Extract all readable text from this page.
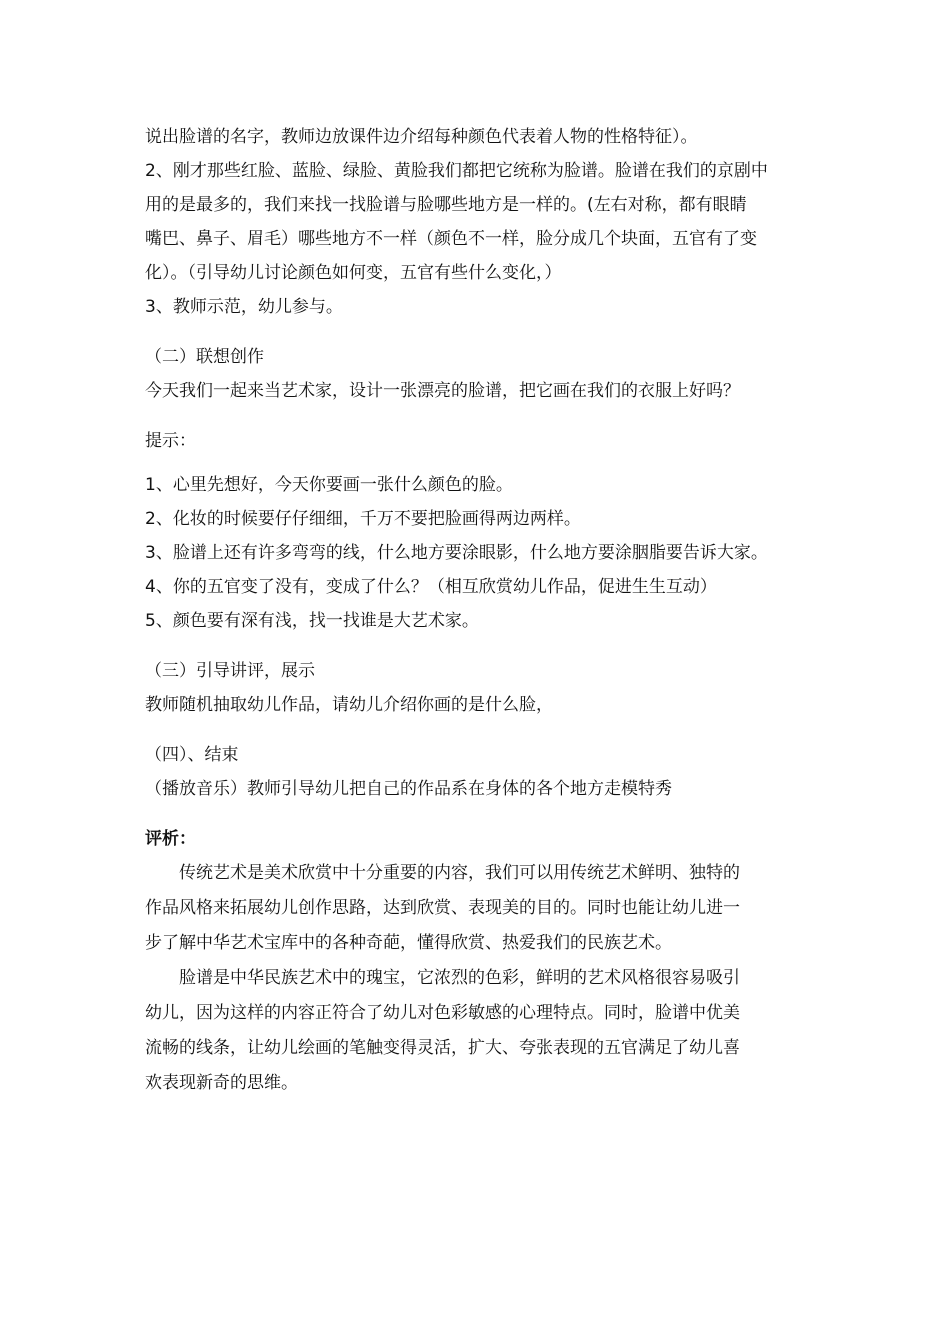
说出脸谱的名字，教师边放课件边介绍每种颜色代表着人物的性格特征）。

2、刚才那些红脸、蓝脸、绿脸、黄脸我们都把它统称为脸谱。脸谱在我们的京剧中

用的是最多的，我们来找一找脸谱与脸哪些地方是一样的。(左右对称，都有眼睛

嘴巴、鼻子、眉毛）哪些地方不一样（颜色不一样，脸分成几个块面，五官有了变

化）。（引导幼儿讨论颜色如何变，五官有些什么变化，）

3、教师示范，幼儿参与。

（二）联想创作

今天我们一起来当艺术家，设计一张漂亮的脸谱，把它画在我们的衣服上好吗？

提示：

1、心里先想好，今天你要画一张什么颜色的脸。

2、化妆的时候要仔仔细细，千万不要把脸画得两边两样。

3、脸谱上还有许多弯弯的线，什么地方要涂眼影，什么地方要涂胭脂要告诉大家。

4、你的五官变了没有，变成了什么？（相互欣赏幼儿作品，促进生生互动）

5、颜色要有深有浅，找一找谁是大艺术家。

（三）引导讲评，展示

教师随机抽取幼儿作品，请幼儿介绍你画的是什么脸，

（四）、结束

（播放音乐）教师引导幼儿把自己的作品系在身体的各个地方走模特秀

评析：

传统艺术是美术欣赏中十分重要的内容，我们可以用传统艺术鲜明、独特的

作品风格来拓展幼儿创作思路，达到欣赏、表现美的目的。同时也能让幼儿进一

步了解中华艺术宝库中的各种奇葩，懂得欣赏、热爱我们的民族艺术。

脸谱是中华民族艺术中的瑰宝，它浓烈的色彩，鲜明的艺术风格很容易吸引

幼儿，因为这样的内容正符合了幼儿对色彩敏感的心理特点。同时，脸谱中优美

流畅的线条，让幼儿绘画的笔触变得灵活，扩大、夸张表现的五官满足了幼儿喜

欢表现新奇的思维。
